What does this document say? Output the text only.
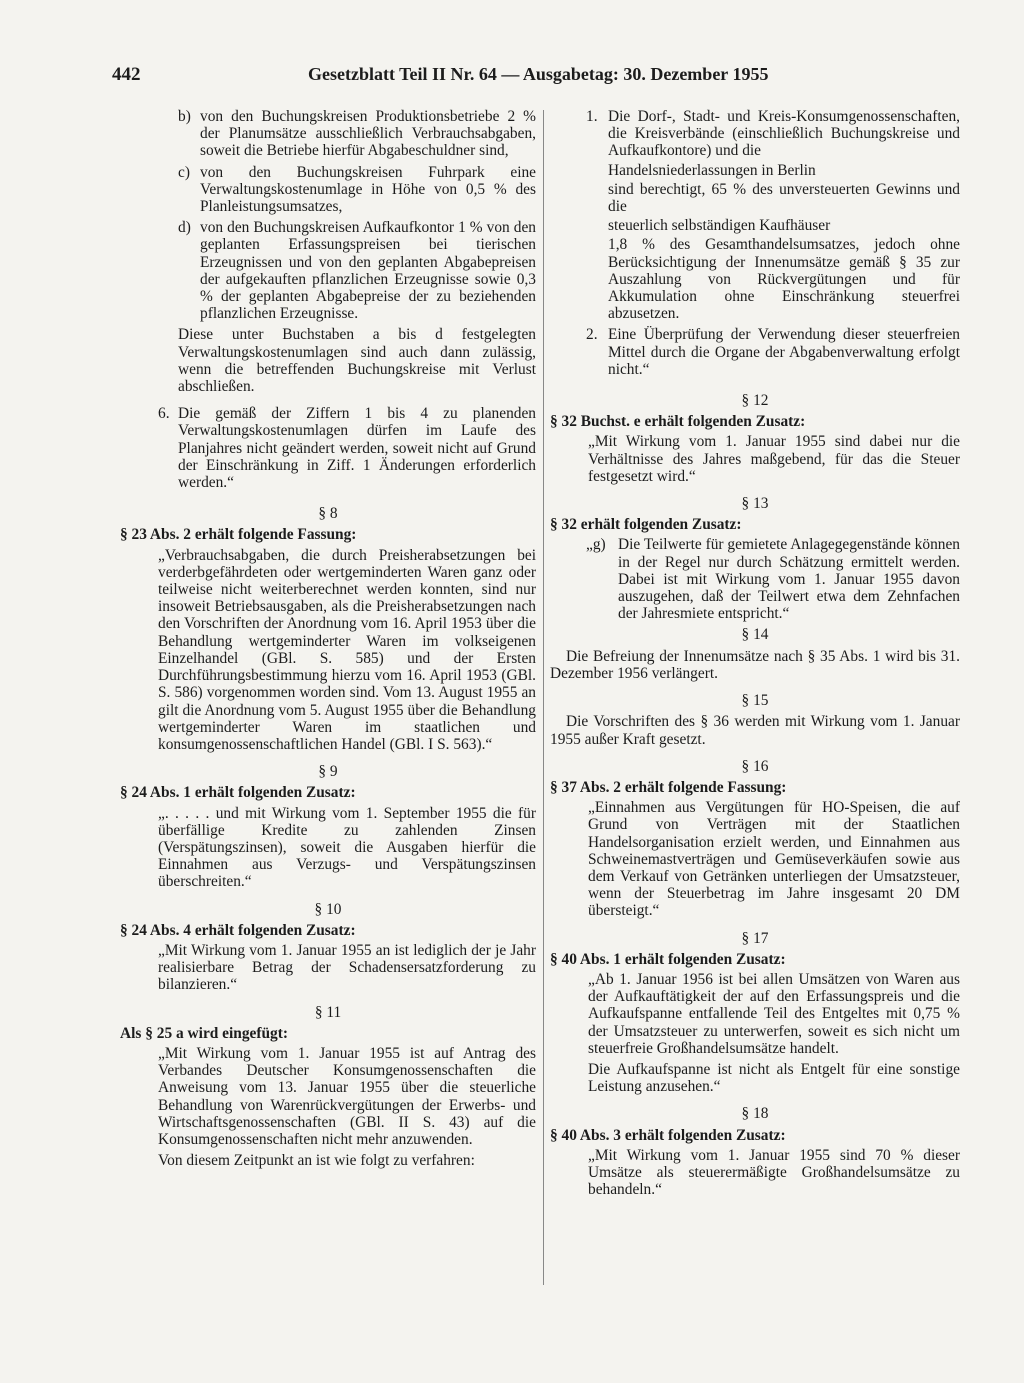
442	Gesetzblatt Teil II Nr. 64 — Ausgabetag: 30. Dezember 1955
b) von den Buchungskreisen Produktionsbetriebe 2 % der Planumsätze ausschließlich Verbrauchsabgaben, soweit die Betriebe hierfür Abgabeschuldner sind,
c) von den Buchungskreisen Fuhrpark eine Verwaltungskostenumlage in Höhe von 0,5 % des Planleistungsumsatzes,
d) von den Buchungskreisen Aufkaufkontor 1 % von den geplanten Erfassungspreisen bei tierischen Erzeugnissen und von den geplanten Abgabepreisen der aufgekauften pflanzlichen Erzeugnisse sowie 0,3 % der geplanten Abgabepreise der zu beziehenden pflanzlichen Erzeugnisse.

Diese unter Buchstaben a bis d festgelegten Verwaltungskostenumlagen sind auch dann zulässig, wenn die betreffenden Buchungskreise mit Verlust abschließen.

6. Die gemäß der Ziffern 1 bis 4 zu planenden Verwaltungskostenumlagen dürfen im Laufe des Planjahres nicht geändert werden, soweit nicht auf Grund der Einschränkung in Ziff. 1 Änderungen erforderlich werden.“

§ 8

§ 23 Abs. 2 erhält folgende Fassung:

„Verbrauchsabgaben, die durch Preisherabsetzungen bei verderbgefährdeten oder wertgeminderten Waren ganz oder teilweise nicht weiterberechnet werden konnten, sind nur insoweit Betriebsausgaben, als die Preisherabsetzungen nach den Vorschriften der Anordnung vom 16. April 1953 über die Behandlung wertgeminderter Waren im volkseigenen Einzelhandel (GBl. S. 585) und der Ersten Durchführungsbestimmung hierzu vom 16. April 1953 (GBl. S. 586) vorgenommen worden sind. Vom 13. August 1955 an gilt die Anordnung vom 5. August 1955 über die Behandlung wertgeminderter Waren im staatlichen und konsumgenossenschaftlichen Handel (GBl. I S. 563).“

§ 9

§ 24 Abs. 1 erhält folgenden Zusatz:

„. . . . . und mit Wirkung vom 1. September 1955 die für überfällige Kredite zu zahlenden Zinsen (Verspätungszinsen), soweit die Ausgaben hierfür die Einnahmen aus Verzugs- und Verspätungszinsen überschreiten.“

§ 10

§ 24 Abs. 4 erhält folgenden Zusatz:

„Mit Wirkung vom 1. Januar 1955 an ist lediglich der je Jahr realisierbare Betrag der Schadensersatzforderung zu bilanzieren.“

§ 11

Als § 25 a wird eingefügt:

„Mit Wirkung vom 1. Januar 1955 ist auf Antrag des Verbandes Deutscher Konsumgenossenschaften die Anweisung vom 13. Januar 1955 über die steuerliche Behandlung von Warenrückvergütungen der Erwerbs- und Wirtschaftsgenossenschaften (GBl. II S. 43) auf die Konsumgenossenschaften nicht mehr anzuwenden.

Von diesem Zeitpunkt an ist wie folgt zu verfahren:

1. Die Dorf-, Stadt- und Kreis-Konsumgenossenschaften, die Kreisverbände (einschließlich Buchungskreise und Aufkaufkontore) und die
Handelsniederlassungen in Berlin
sind berechtigt, 65 % des unversteuerten Gewinns und die
steuerlich selbständigen Kaufhäuser
1,8 % des Gesamthandelsumsatzes, jedoch ohne Berücksichtigung der Innenumsätze gemäß § 35 zur Auszahlung von Rückvergütungen und für Akkumulation ohne Einschränkung steuerfrei abzusetzen.
2. Eine Überprüfung der Verwendung dieser steuerfreien Mittel durch die Organe der Abgabenverwaltung erfolgt nicht.“

§ 12

§ 32 Buchst. e erhält folgenden Zusatz:

„Mit Wirkung vom 1. Januar 1955 sind dabei nur die Verhältnisse des Jahres maßgebend, für das die Steuer festgesetzt wird.“

§ 13

§ 32 erhält folgenden Zusatz:

„g) Die Teilwerte für gemietete Anlagegegenstände können in der Regel nur durch Schätzung ermittelt werden. Dabei ist mit Wirkung vom 1. Januar 1955 davon auszugehen, daß der Teilwert etwa dem Zehnfachen der Jahresmiete entspricht.“

§ 14

Die Befreiung der Innenumsätze nach § 35 Abs. 1 wird bis 31. Dezember 1956 verlängert.

§ 15

Die Vorschriften des § 36 werden mit Wirkung vom 1. Januar 1955 außer Kraft gesetzt.

§ 16

§ 37 Abs. 2 erhält folgende Fassung:

„Einnahmen aus Vergütungen für HO-Speisen, die auf Grund von Verträgen mit der Staatlichen Handelsorganisation erzielt werden, und Einnahmen aus Schweinemastverträgen und Gemüseverkäufen sowie aus dem Verkauf von Getränken unterliegen der Umsatzsteuer, wenn der Steuerbetrag im Jahre insgesamt 20 DM übersteigt.“

§ 17

§ 40 Abs. 1 erhält folgenden Zusatz:

„Ab 1. Januar 1956 ist bei allen Umsätzen von Waren aus der Aufkauftätigkeit der auf den Erfassungspreis und die Aufkaufspanne entfallende Teil des Entgeltes mit 0,75 % der Umsatzsteuer zu unterwerfen, soweit es sich nicht um steuerfreie Großhandelsumsätze handelt.

Die Aufkaufspanne ist nicht als Entgelt für eine sonstige Leistung anzusehen.“

§ 18

§ 40 Abs. 3 erhält folgenden Zusatz:

„Mit Wirkung vom 1. Januar 1955 sind 70 % dieser Umsätze als steuerermäßigte Großhandelsumsätze zu behandeln.“
